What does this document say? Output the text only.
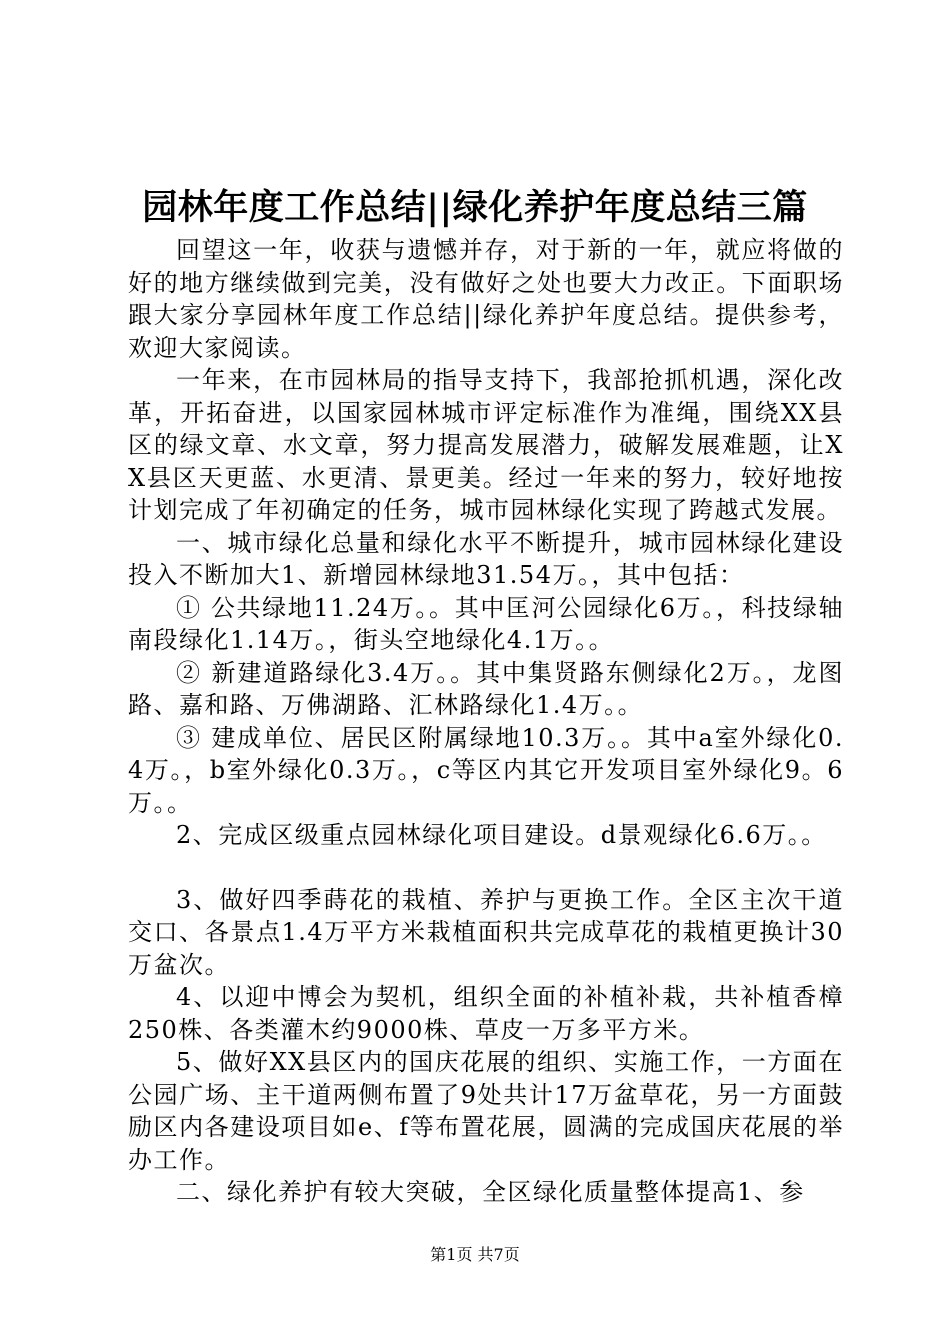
园林年度工作总结||绿化养护年度总结三篇

回望这一年，收获与遗憾并存，对于新的一年，就应将做的好的地方继续做到完美，没有做好之处也要大力改正。下面职场跟大家分享园林年度工作总结||绿化养护年度总结。提供参考，欢迎大家阅读。

一年来，在市园林局的指导支持下，我部抢抓机遇，深化改革，开拓奋进，以国家园林城市评定标准作为准绳，围绕XX县区的绿文章、水文章，努力提高发展潜力，破解发展难题，让XX县区天更蓝、水更清、景更美。经过一年来的努力，较好地按计划完成了年初确定的任务，城市园林绿化实现了跨越式发展。

一、城市绿化总量和绿化水平不断提升，城市园林绿化建设投入不断加大1、新增园林绿地31.54万。，其中包括：

① 公共绿地11.24万。。其中匡河公园绿化6万。，科技绿轴南段绿化1.14万。，街头空地绿化4.1万。。

② 新建道路绿化3.4万。。其中集贤路东侧绿化2万。，龙图路、嘉和路、万佛湖路、汇林路绿化1.4万。。

③ 建成单位、居民区附属绿地10.3万。。其中a室外绿化0.4万。，b室外绿化0.3万。，c等区内其它开发项目室外绿化9。6万。。

2、完成区级重点园林绿化项目建设。d景观绿化6.6万。。

3、做好四季蒔花的栽植、养护与更换工作。全区主次干道交口、各景点1.4万平方米栽植面积共完成草花的栽植更换计30万盆次。

4、以迎中博会为契机，组织全面的补植补栽，共补植香樟250株、各类灌木约9000株、草皮一万多平方米。

5、做好XX县区内的国庆花展的组织、实施工作，一方面在公园广场、主干道两侧布置了9处共计17万盆草花，另一方面鼓励区内各建设项目如e、f等布置花展，圆满的完成国庆花展的举办工作。

二、绿化养护有较大突破，全区绿化质量整体提高1、参

第1页 共7页
